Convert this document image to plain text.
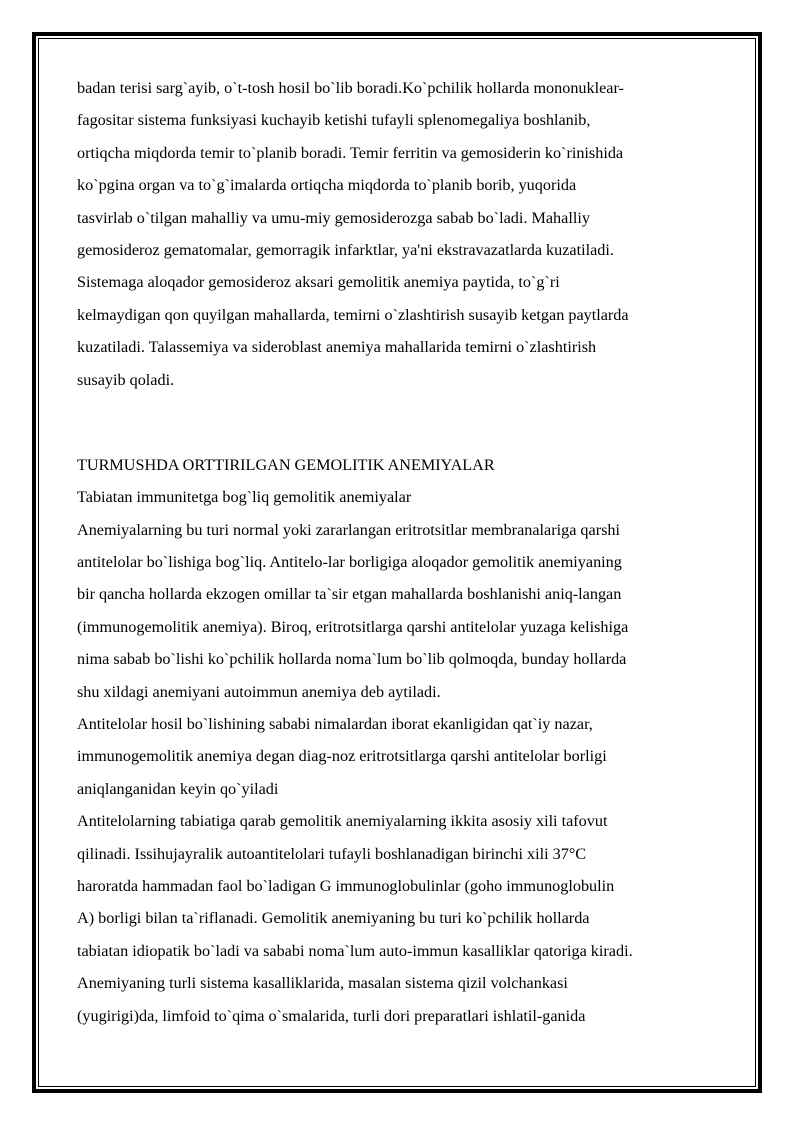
badan terisi sarg`ayib, o`t-tosh hosil bo`lib boradi.Ko`pchilik hollarda mononuklear-
fagositar sistema funksiyasi kuchayib ketishi tufayli splenomegaliya boshlanib,
ortiqcha miqdorda temir to`planib boradi. Temir ferritin va gemosiderin ko`rinishida
ko`pgina organ va to`g`imalarda ortiqcha miqdorda to`planib borib, yuqorida
tasvirlab o`tilgan mahalliy va umu-miy gemosiderozga sabab bo`ladi. Mahalliy
gemosideroz gematomalar, gemorragik infarktlar, ya'ni ekstravazatlarda kuzatiladi.
Sistemaga aloqador gemosideroz aksari gemolitik anemiya paytida, to`g`ri
kelmaydigan qon quyilgan mahallarda, temirni o`zlashtirish susayib ketgan paytlarda
kuzatiladi. Talassemiya va sideroblast anemiya mahallarida temirni o`zlashtirish
susayib qoladi.
TURMUSHDA ORTTIRILGAN GEMOLITIK ANEMIYALAR
Tabiatan immunitetga bog`liq gemolitik anemiyalar
Anemiyalarning bu turi normal yoki zararlangan eritrotsitlar membranalariga qarshi
antitelolar bo`lishiga bog`liq. Antitelo-lar borligiga aloqador gemolitik anemiyaning
bir qancha hollarda ekzogen omillar ta`sir etgan mahallarda boshlanishi aniq-langan
(immunogemolitik anemiya). Biroq, eritrotsitlarga qarshi antitelolar yuzaga kelishiga
nima sabab bo`lishi ko`pchilik hollarda noma`lum bo`lib qolmoqda, bunday hollarda
shu xildagi anemiyani autoimmun anemiya deb aytiladi.
Antitelolar hosil bo`lishining sababi nimalardan iborat ekanligidan qat`iy nazar,
immunogemolitik anemiya degan diag-noz eritrotsitlarga qarshi antitelolar borligi
aniqlanganidan keyin qo`yiladi
Antitelolarning tabiatiga qarab gemolitik anemiyalarning ikkita asosiy xili tafovut
qilinadi. Issihujayralik autoantitelolari tufayli boshlanadigan birinchi xili 37°C
haroratda hammadan faol bo`ladigan G immunoglobulinlar (goho immunoglobulin
A) borligi bilan ta`riflanadi. Gemolitik anemiyaning bu turi ko`pchilik hollarda
tabiatan idiopatik bo`ladi va sababi noma`lum auto-immun kasalliklar qatoriga kiradi.
Anemiyaning turli sistema kasalliklarida, masalan sistema qizil volchankasi
(yugirigi)da, limfoid to`qima o`smalarida, turli dori preparatlari ishlatil-ganida
